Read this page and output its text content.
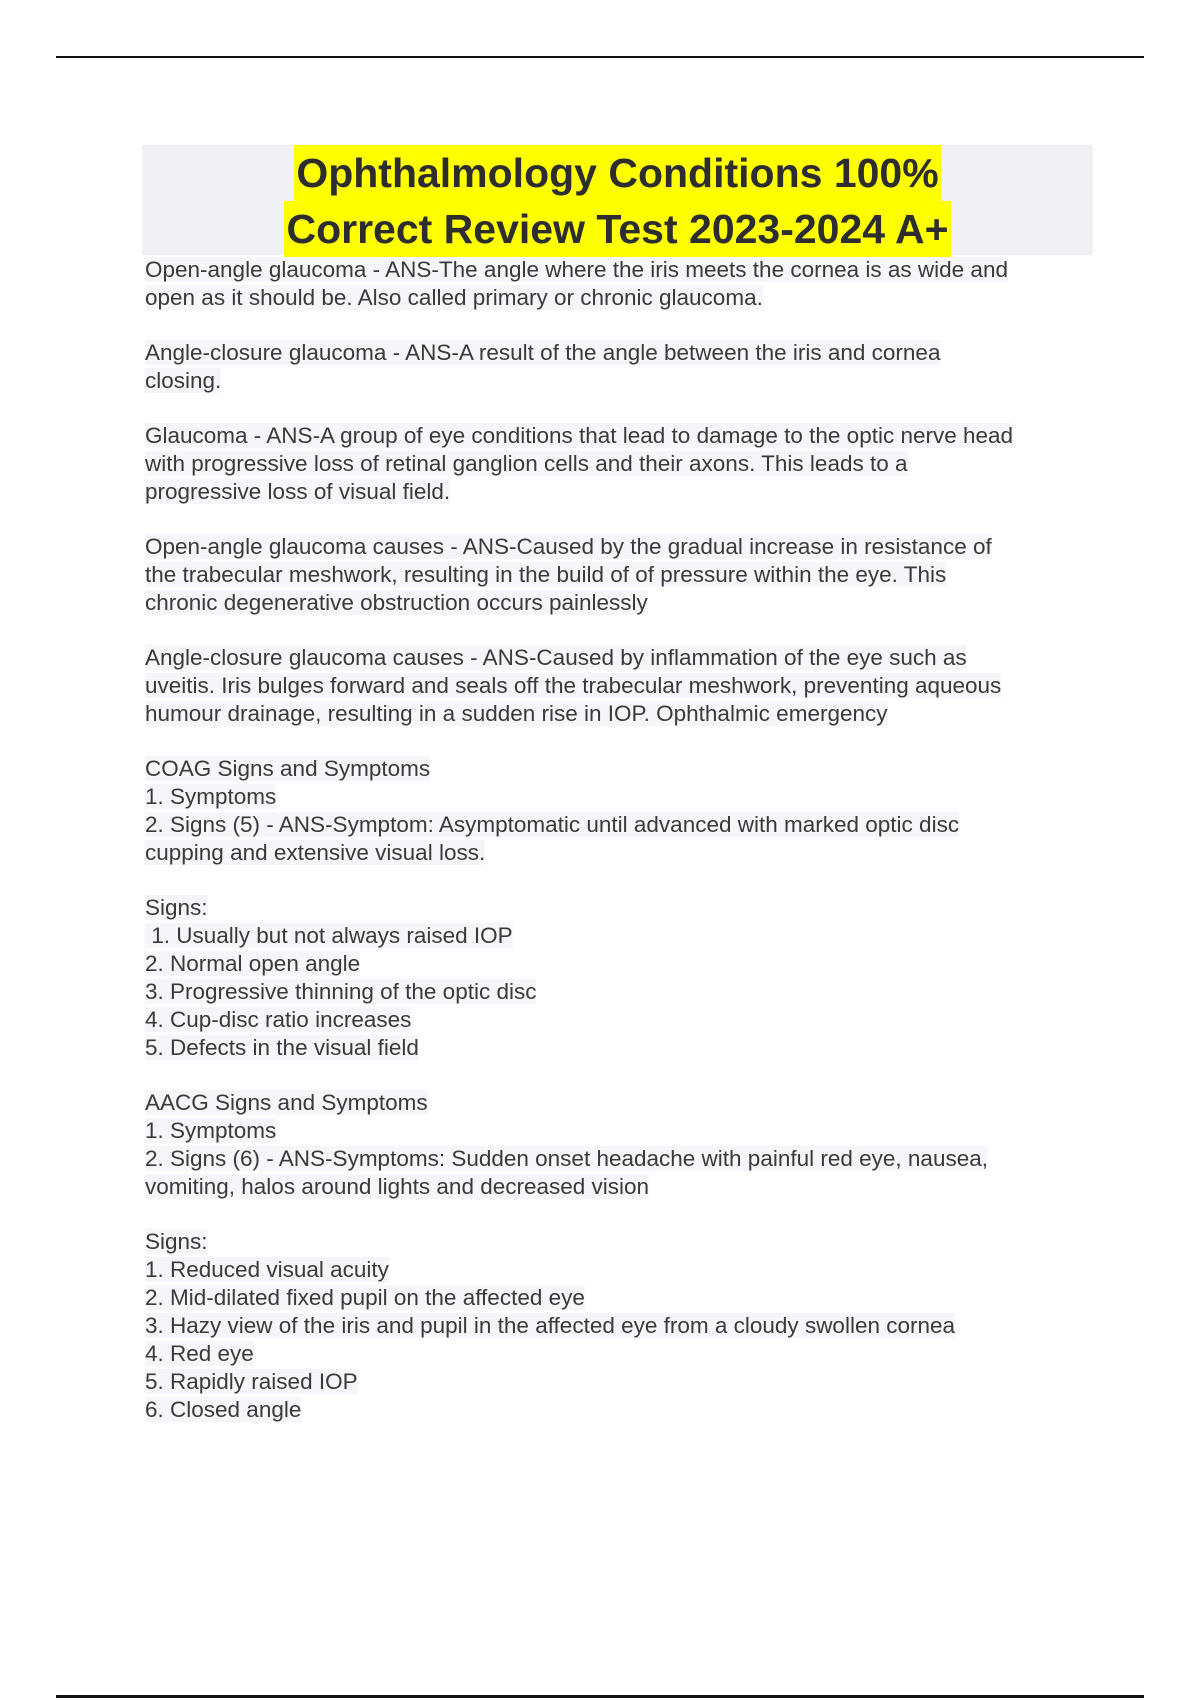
Ophthalmology Conditions 100%
Correct Review Test 2023-2024 A+
Open-angle glaucoma - ANS-The angle where the iris meets the cornea is as wide and
open as it should be. Also called primary or chronic glaucoma.
Angle-closure glaucoma - ANS-A result of the angle between the iris and cornea
closing.
Glaucoma - ANS-A group of eye conditions that lead to damage to the optic nerve head
with progressive loss of retinal ganglion cells and their axons. This leads to a
progressive loss of visual field.
Open-angle glaucoma causes - ANS-Caused by the gradual increase in resistance of
the trabecular meshwork, resulting in the build of of pressure within the eye. This
chronic degenerative obstruction occurs painlessly
Angle-closure glaucoma causes - ANS-Caused by inflammation of the eye such as
uveitis. Iris bulges forward and seals off the trabecular meshwork, preventing aqueous
humour drainage, resulting in a sudden rise in IOP. Ophthalmic emergency
COAG Signs and Symptoms
1. Symptoms
2. Signs (5) - ANS-Symptom: Asymptomatic until advanced with marked optic disc
cupping and extensive visual loss.
Signs:
1. Usually but not always raised IOP
2. Normal open angle
3. Progressive thinning of the optic disc
4. Cup-disc ratio increases
5. Defects in the visual field
AACG Signs and Symptoms
1. Symptoms
2. Signs (6) - ANS-Symptoms: Sudden onset headache with painful red eye, nausea,
vomiting, halos around lights and decreased vision
Signs:
1. Reduced visual acuity
2. Mid-dilated fixed pupil on the affected eye
3. Hazy view of the iris and pupil in the affected eye from a cloudy swollen cornea
4. Red eye
5. Rapidly raised IOP
6. Closed angle
